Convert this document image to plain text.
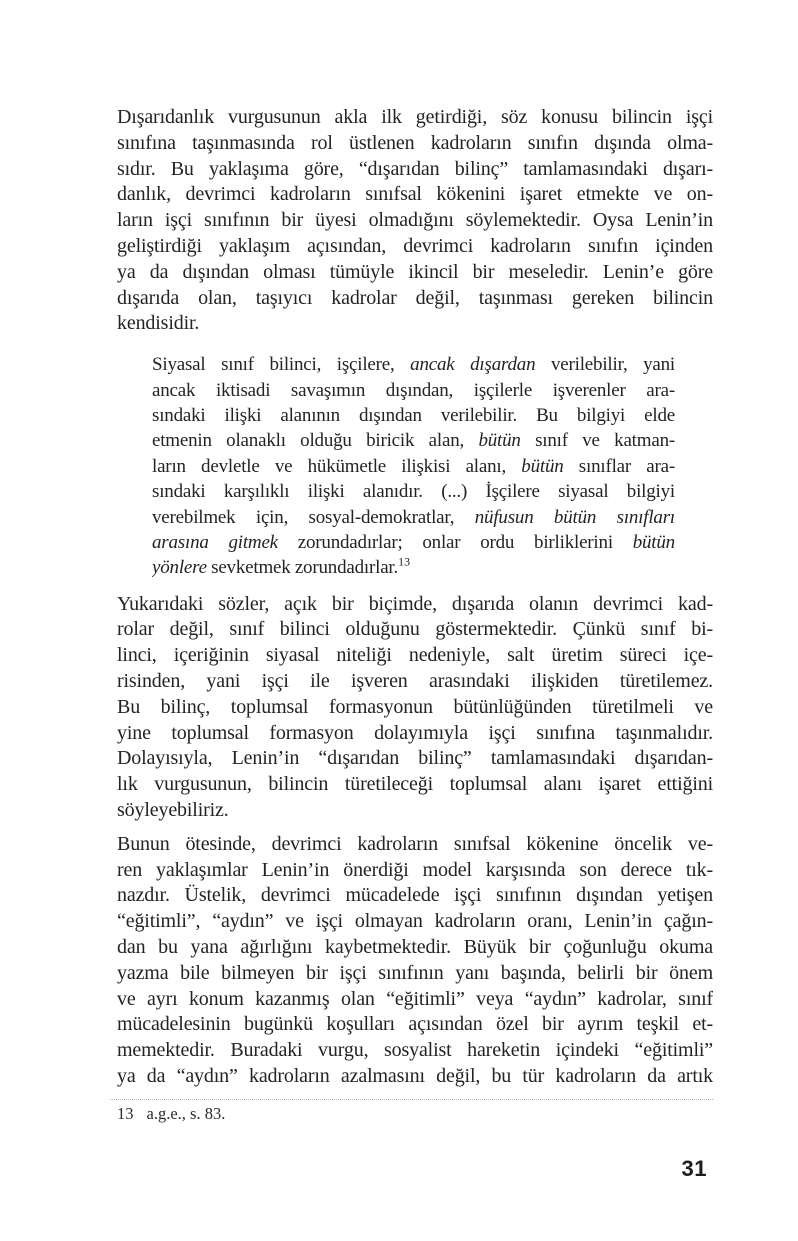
Dışarıdanlık vurgusunun akla ilk getirdiği, söz konusu bilincin işçi
sınıfına taşınmasında rol üstlenen kadroların sınıfın dışında olma-
sıdır. Bu yaklaşıma göre, “dışarıdan bilinç” tamlamasındaki dışarı-
danlık, devrimci kadroların sınıfsal kökenini işaret etmekte ve on-
ların işçi sınıfının bir üyesi olmadığını söylemektedir. Oysa Lenin’in
geliştirdiği yaklaşım açısından, devrimci kadroların sınıfın içinden
ya da dışından olması tümüyle ikincil bir meseledir. Lenin’e göre
dışarıda olan, taşıyıcı kadrolar değil, taşınması gereken bilincin
kendisidir.
Siyasal sınıf bilinci, işçilere, ancak dışardan verilebilir, yani
ancak iktisadi savaşımın dışından, işçilerle işverenler ara-
sındaki ilişki alanının dışından verilebilir. Bu bilgiyi elde
etmenin olanaklı olduğu biricik alan, bütün sınıf ve katman-
ların devletle ve hükümetle ilişkisi alanı, bütün sınıflar ara-
sındaki karşılıklı ilişki alanıdır. (...) İşçilere siyasal bilgiyi
verebilmek için, sosyal-demokratlar, nüfusun bütün sınıfları
arasına gitmek zorundadırlar; onlar ordu birliklerini bütün
yönlere sevketmek zorundadırlar.$^{13}$
Yukarıdaki sözler, açık bir biçimde, dışarıda olanın devrimci kad-
rolar değil, sınıf bilinci olduğunu göstermektedir. Çünkü sınıf bi-
linci, içeriğinin siyasal niteliği nedeniyle, salt üretim süreci içe-
risinden, yani işçi ile işveren arasındaki ilişkiden türetilemez.
Bu bilinç, toplumsal formasyonun bütünlüğünden türetilmeli ve
yine toplumsal formasyon dolayımıyla işçi sınıfına taşınmalıdır.
Dolayısıyla, Lenin’in “dışarıdan bilinç” tamlamasındaki dışarıdan-
lık vurgusunun, bilincin türetileceği toplumsal alanı işaret ettiğini
söyleyebiliriz.
Bunun ötesinde, devrimci kadroların sınıfsal kökenine öncelik ve-
ren yaklaşımlar Lenin’in önerdiği model karşısında son derece tık-
nazdır. Üstelik, devrimci mücadelede işçi sınıfının dışından yetişen
“eğitimli”, “aydın” ve işçi olmayan kadroların oranı, Lenin’in çağın-
dan bu yana ağırlığını kaybetmektedir. Büyük bir çoğunluğu okuma
yazma bile bilmeyen bir işçi sınıfının yanı başında, belirli bir önem
ve ayrı konum kazanmış olan “eğitimli” veya “aydın” kadrolar, sınıf
mücadelesinin bugünkü koşulları açısından özel bir ayrım teşkil et-
memektedir. Buradaki vurgu, sosyalist hareketin içindeki “eğitimli”
ya da “aydın” kadroların azalmasını değil, bu tür kadroların da artık
13 a.g.e., s. 83.
31
